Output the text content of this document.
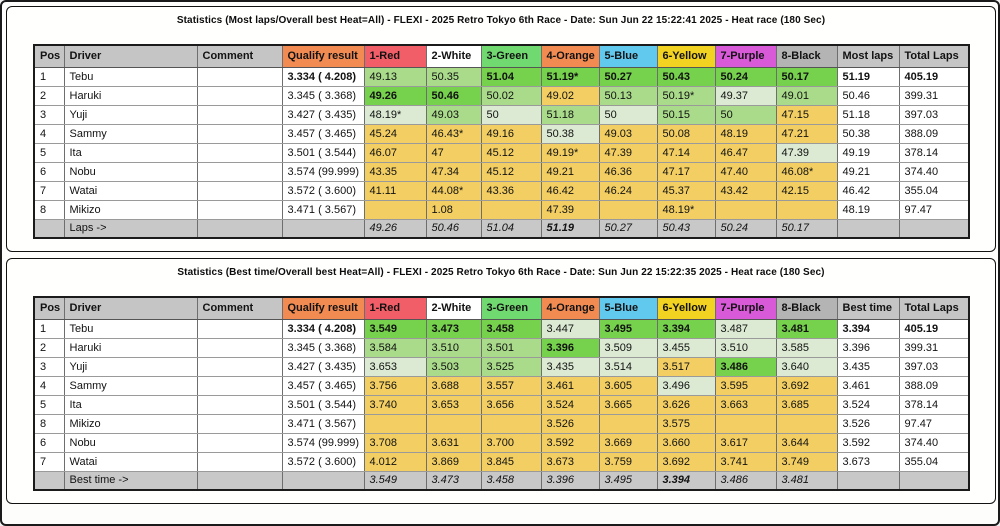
Statistics (Most laps/Overall best Heat=All) - FLEXI - 2025 Retro Tokyo 6th Race - Date: Sun Jun 22 15:22:41 2025 - Heat race (180 Sec)
Pos	Driver	Comment	Qualify result	1-Red	2-White	3-Green	4-Orange	5-Blue	6-Yellow	7-Purple	8-Black	Most laps	Total Laps
1	Tebu		3.334 ( 4.208)	49.13	50.35	51.04	51.19*	50.27	50.43	50.24	50.17	51.19	405.19
2	Haruki		3.345 ( 3.368)	49.26	50.46	50.02	49.02	50.13	50.19*	49.37	49.01	50.46	399.31
3	Yuji		3.427 ( 3.435)	48.19*	49.03	50	51.18	50	50.15	50	47.15	51.18	397.03
4	Sammy		3.457 ( 3.465)	45.24	46.43*	49.16	50.38	49.03	50.08	48.19	47.21	50.38	388.09
5	Ita		3.501 ( 3.544)	46.07	47	45.12	49.19*	47.39	47.14	46.47	47.39	49.19	378.14
6	Nobu		3.574 (99.999)	43.35	47.34	45.12	49.21	46.36	47.17	47.40	46.08*	49.21	374.40
7	Watai		3.572 ( 3.600)	41.11	44.08*	43.36	46.42	46.24	45.37	43.42	42.15	46.42	355.04
8	Mikizo		3.471 ( 3.567)		1.08		47.39		48.19*			48.19	97.47
	Laps ->			49.26	50.46	51.04	51.19	50.27	50.43	50.24	50.17		
Statistics (Best time/Overall best Heat=All) - FLEXI - 2025 Retro Tokyo 6th Race - Date: Sun Jun 22 15:22:35 2025 - Heat race (180 Sec)
Pos	Driver	Comment	Qualify result	1-Red	2-White	3-Green	4-Orange	5-Blue	6-Yellow	7-Purple	8-Black	Best time	Total Laps
1	Tebu		3.334 ( 4.208)	3.549	3.473	3.458	3.447	3.495	3.394	3.487	3.481	3.394	405.19
2	Haruki		3.345 ( 3.368)	3.584	3.510	3.501	3.396	3.509	3.455	3.510	3.585	3.396	399.31
3	Yuji		3.427 ( 3.435)	3.653	3.503	3.525	3.435	3.514	3.517	3.486	3.640	3.435	397.03
4	Sammy		3.457 ( 3.465)	3.756	3.688	3.557	3.461	3.605	3.496	3.595	3.692	3.461	388.09
5	Ita		3.501 ( 3.544)	3.740	3.653	3.656	3.524	3.665	3.626	3.663	3.685	3.524	378.14
8	Mikizo		3.471 ( 3.567)				3.526		3.575			3.526	97.47
6	Nobu		3.574 (99.999)	3.708	3.631	3.700	3.592	3.669	3.660	3.617	3.644	3.592	374.40
7	Watai		3.572 ( 3.600)	4.012	3.869	3.845	3.673	3.759	3.692	3.741	3.749	3.673	355.04
	Best time ->			3.549	3.473	3.458	3.396	3.495	3.394	3.486	3.481		
